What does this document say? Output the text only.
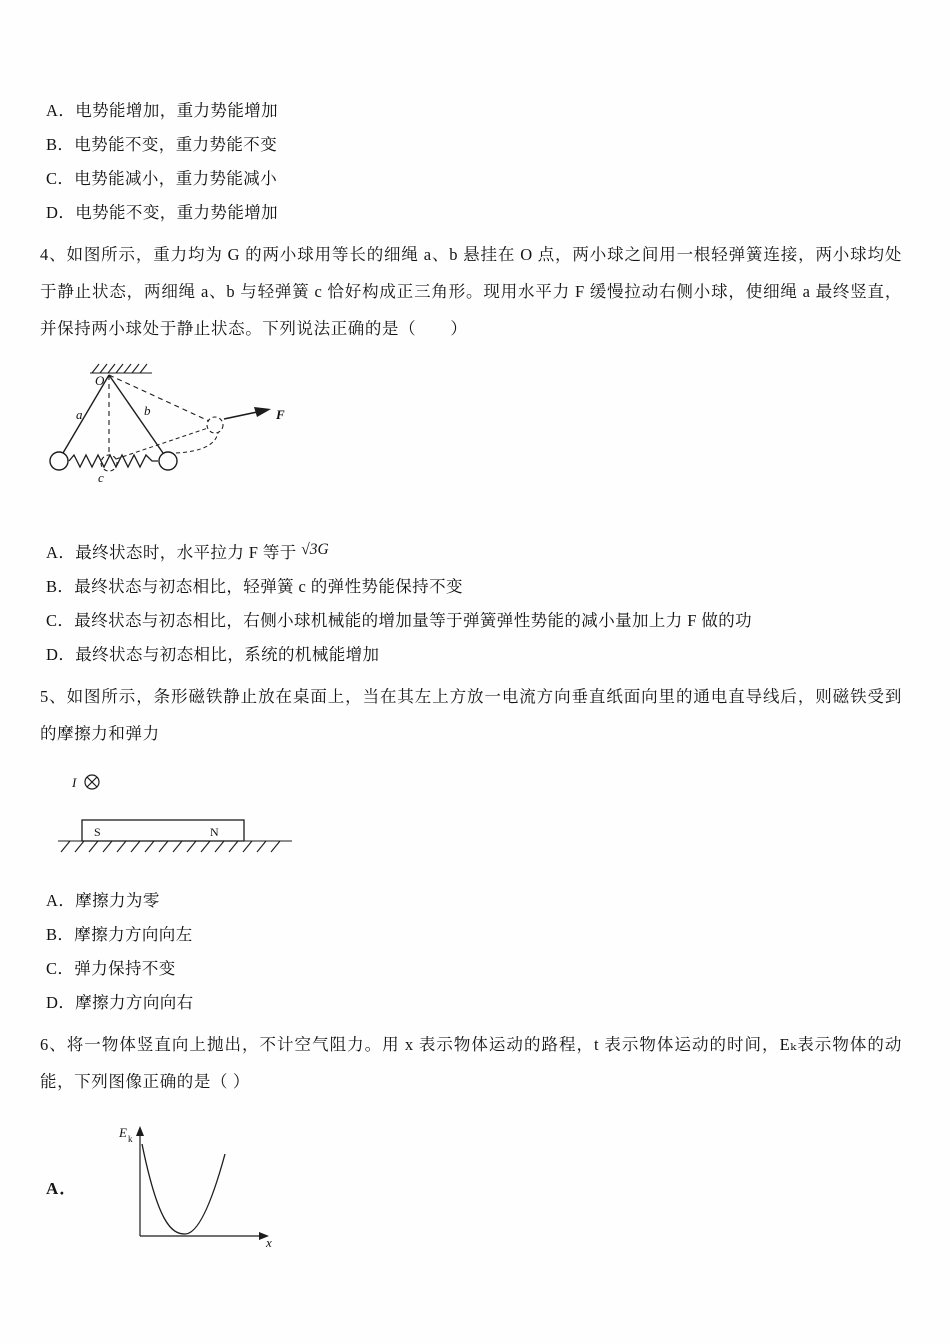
A．电势能增加，重力势能增加
B．电势能不变，重力势能不变
C．电势能减小，重力势能减小
D．电势能不变，重力势能增加

4、如图所示，重力均为 G 的两小球用等长的细绳 a、b 悬挂在 O 点，两小球之间用一根轻弹簧连接，两小球均处于静止状态，两细绳 a、b 与轻弹簧 c 恰好构成正三角形。现用水平力 F 缓慢拉动右侧小球，使细绳 a 最终竖直，并保持两小球处于静止状态。下列说法正确的是（　　）

O
a	b
c
F
A．最终状态时，水平拉力 F 等于 √3G
B．最终状态与初态相比，轻弹簧 c 的弹性势能保持不变
C．最终状态与初态相比，右侧小球机械能的增加量等于弹簧弹性势能的减小量加上力 F 做的功
D．最终状态与初态相比，系统的机械能增加

5、如图所示，条形磁铁静止放在桌面上，当在其左上方放一电流方向垂直纸面向里的通电直导线后，则磁铁受到的摩擦力和弹力

I
S	N
A．摩擦力为零
B．摩擦力方向向左
C．弹力保持不变
D．摩擦力方向向右

6、将一物体竖直向上抛出，不计空气阻力。用 x 表示物体运动的路程，t 表示物体运动的时间，Eₖ表示物体的动能，下列图像正确的是（ ）

A．
E k
x
